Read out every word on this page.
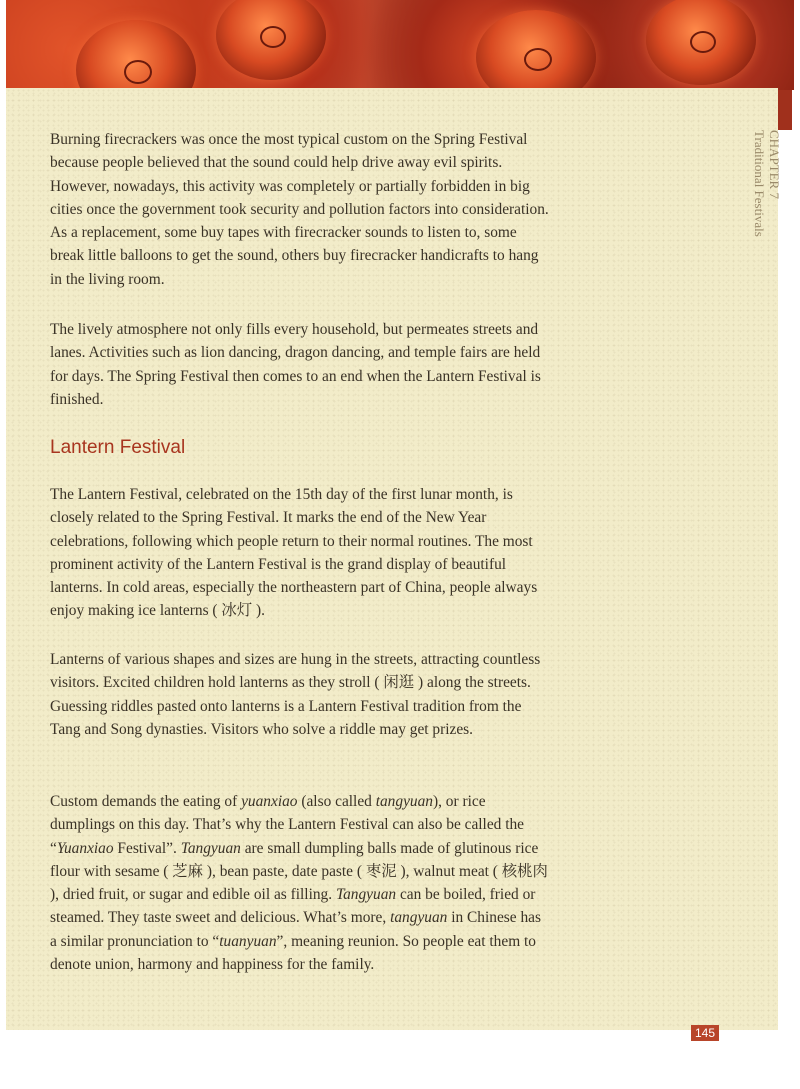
Burning firecrackers was once the most typical custom on the Spring Festival because people believed that the sound could help drive away evil spirits. However, nowadays, this activity was completely or partially forbidden in big cities once the government took security and pollution factors into consideration. As a replacement, some buy tapes with firecracker sounds to listen to, some break little balloons to get the sound, others buy firecracker handicrafts to hang in the living room.

The lively atmosphere not only fills every household, but permeates streets and lanes. Activities such as lion dancing, dragon dancing, and temple fairs are held for days. The Spring Festival then comes to an end when the Lantern Festival is finished.

Lantern Festival

The Lantern Festival, celebrated on the 15th day of the first lunar month, is closely related to the Spring Festival. It marks the end of the New Year celebrations, following which people return to their normal routines. The most prominent activity of the Lantern Festival is the grand display of beautiful lanterns. In cold areas, especially the northeastern part of China, people always enjoy making ice lanterns ( 冰灯 ).

Lanterns of various shapes and sizes are hung in the streets, attracting countless visitors. Excited children hold lanterns as they stroll ( 闲逛 ) along the streets. Guessing riddles pasted onto lanterns is a Lantern Festival tradition from the Tang and Song dynasties. Visitors who solve a riddle may get prizes.

Custom demands the eating of yuanxiao (also called tangyuan), or rice dumplings on this day. That’s why the Lantern Festival can also be called the “Yuanxiao Festival”. Tangyuan are small dumpling balls made of glutinous rice flour with sesame ( 芝麻 ), bean paste, date paste ( 枣泥 ), walnut meat ( 核桃肉 ), dried fruit, or sugar and edible oil as filling. Tangyuan can be boiled, fried or steamed. They taste sweet and delicious. What’s more, tangyuan in Chinese has a similar pronunciation to “tuanyuan”, meaning reunion. So people eat them to denote union, harmony and happiness for the family.

CHAPTER 7
Traditional Festivals
145
